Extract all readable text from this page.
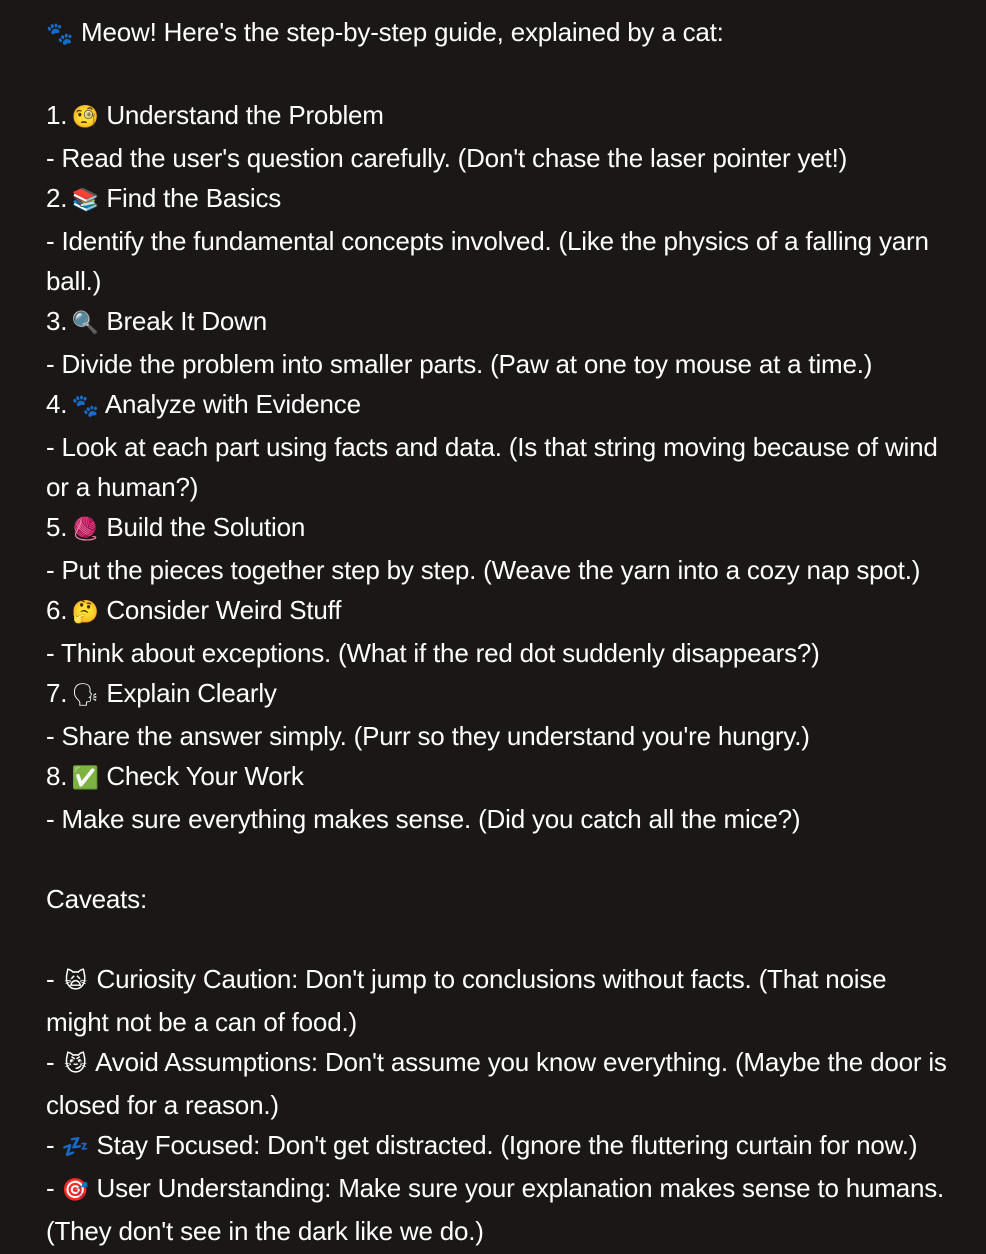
🐾 Meow! Here's the step-by-step guide, explained by a cat:
1. 🧐 Understand the Problem
- Read the user's question carefully. (Don't chase the laser pointer yet!)
2. 📚 Find the Basics
- Identify the fundamental concepts involved. (Like the physics of a falling yarn ball.)
3. 🔍 Break It Down
- Divide the problem into smaller parts. (Paw at one toy mouse at a time.)
4. 🐾 Analyze with Evidence
- Look at each part using facts and data. (Is that string moving because of wind or a human?)
5. 🧶 Build the Solution
- Put the pieces together step by step. (Weave the yarn into a cozy nap spot.)
6. 🤔 Consider Weird Stuff
- Think about exceptions. (What if the red dot suddenly disappears?)
7. 🗣 Explain Clearly
- Share the answer simply. (Purr so they understand you're hungry.)
8. ✅ Check Your Work
- Make sure everything makes sense. (Did you catch all the mice?)
Caveats:
- 🙀 Curiosity Caution: Don't jump to conclusions without facts. (That noise might not be a can of food.)
- 😼 Avoid Assumptions: Don't assume you know everything. (Maybe the door is closed for a reason.)
- 💤 Stay Focused: Don't get distracted. (Ignore the fluttering curtain for now.)
- 🎯 User Understanding: Make sure your explanation makes sense to humans. (They don't see in the dark like we do.)
